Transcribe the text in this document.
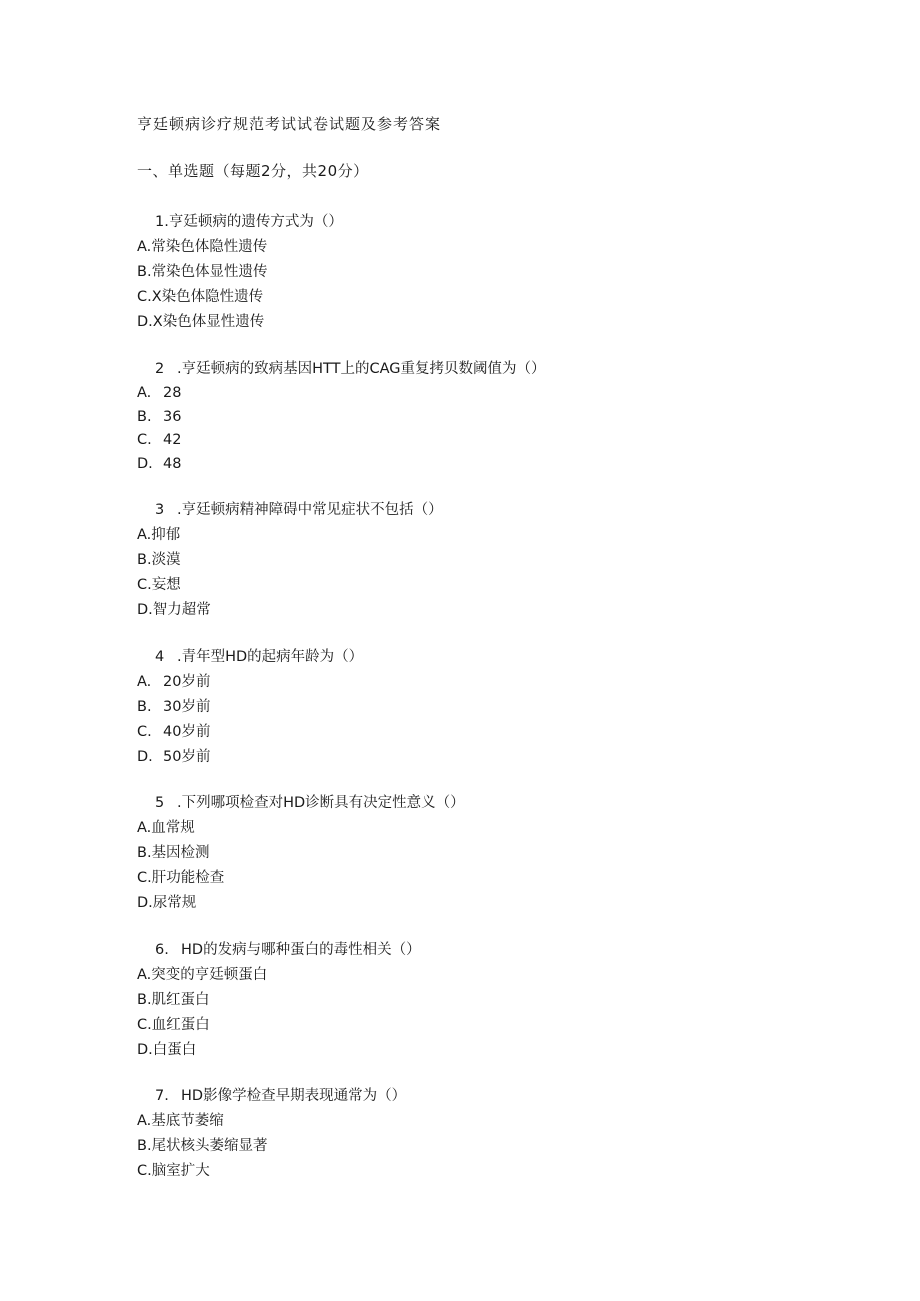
亨廷顿病诊疗规范考试试卷试题及参考答案
一、单选题（每题2分，共20分）
1.亨廷顿病的遗传方式为（）
A.常染色体隐性遗传
B.常染色体显性遗传
C.X染色体隐性遗传
D.X染色体显性遗传
2 .亨廷顿病的致病基因HTT上的CAG重复拷贝数阈值为（）
A. 28
B. 36
C. 42
D. 48
3 .亨廷顿病精神障碍中常见症状不包括（）
A.抑郁
B.淡漠
C.妄想
D.智力超常
4 .青年型HD的起病年龄为（）
A. 20岁前
B. 30岁前
C. 40岁前
D. 50岁前
5 .下列哪项检查对HD诊断具有决定性意义（）
A.血常规
B.基因检测
C.肝功能检查
D.尿常规
6. HD的发病与哪种蛋白的毒性相关（）
A.突变的亨廷顿蛋白
B.肌红蛋白
C.血红蛋白
D.白蛋白
7. HD影像学检查早期表现通常为（）
A.基底节萎缩
B.尾状核头萎缩显著
C.脑室扩大
